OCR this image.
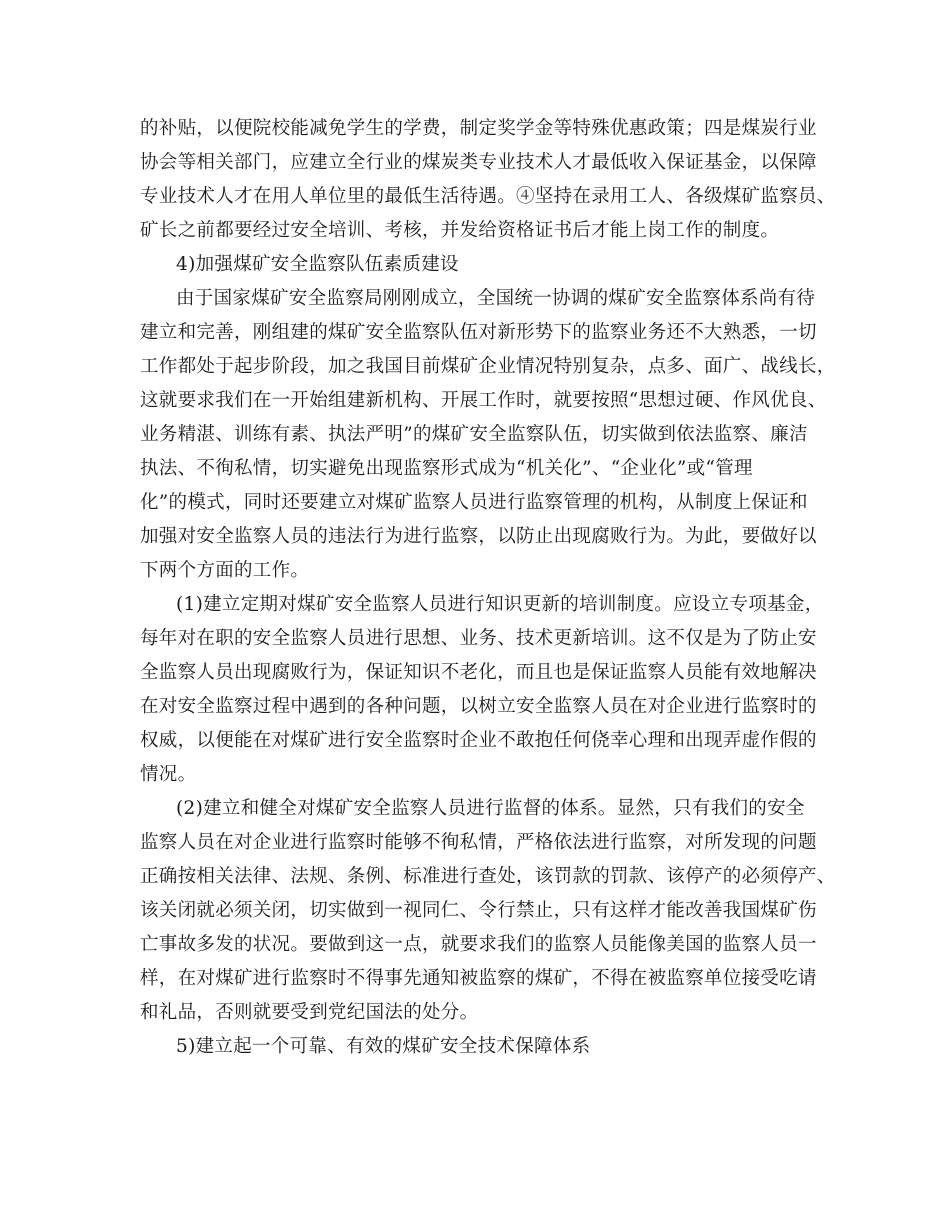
的补贴，以便院校能减免学生的学费，制定奖学金等特殊优惠政策；四是煤炭行业
协会等相关部门，应建立全行业的煤炭类专业技术人才最低收入保证基金，以保障
专业技术人才在用人单位里的最低生活待遇。④坚持在录用工人、各级煤矿监察员、
矿长之前都要经过安全培训、考核，并发给资格证书后才能上岗工作的制度。
4)加强煤矿安全监察队伍素质建设
由于国家煤矿安全监察局刚刚成立，全国统一协调的煤矿安全监察体系尚有待
建立和完善，刚组建的煤矿安全监察队伍对新形势下的监察业务还不大熟悉，一切
工作都处于起步阶段，加之我国目前煤矿企业情况特别复杂，点多、面广、战线长，
这就要求我们在一开始组建新机构、开展工作时，就要按照“思想过硬、作风优良、
业务精湛、训练有素、执法严明”的煤矿安全监察队伍，切实做到依法监察、廉洁
执法、不徇私情，切实避免出现监察形式成为“机关化”、“企业化”或“管理
化”的模式，同时还要建立对煤矿监察人员进行监察管理的机构，从制度上保证和
加强对安全监察人员的违法行为进行监察，以防止出现腐败行为。为此，要做好以
下两个方面的工作。
(1)建立定期对煤矿安全监察人员进行知识更新的培训制度。应设立专项基金，
每年对在职的安全监察人员进行思想、业务、技术更新培训。这不仅是为了防止安
全监察人员出现腐败行为，保证知识不老化，而且也是保证监察人员能有效地解决
在对安全监察过程中遇到的各种问题，以树立安全监察人员在对企业进行监察时的
权威，以便能在对煤矿进行安全监察时企业不敢抱任何侥幸心理和出现弄虚作假的
情况。
(2)建立和健全对煤矿安全监察人员进行监督的体系。显然，只有我们的安全
监察人员在对企业进行监察时能够不徇私情，严格依法进行监察，对所发现的问题
正确按相关法律、法规、条例、标准进行查处，该罚款的罚款、该停产的必须停产、
该关闭就必须关闭，切实做到一视同仁、令行禁止，只有这样才能改善我国煤矿伤
亡事故多发的状况。要做到这一点，就要求我们的监察人员能像美国的监察人员一
样，在对煤矿进行监察时不得事先通知被监察的煤矿，不得在被监察单位接受吃请
和礼品，否则就要受到党纪国法的处分。
5)建立起一个可靠、有效的煤矿安全技术保障体系
